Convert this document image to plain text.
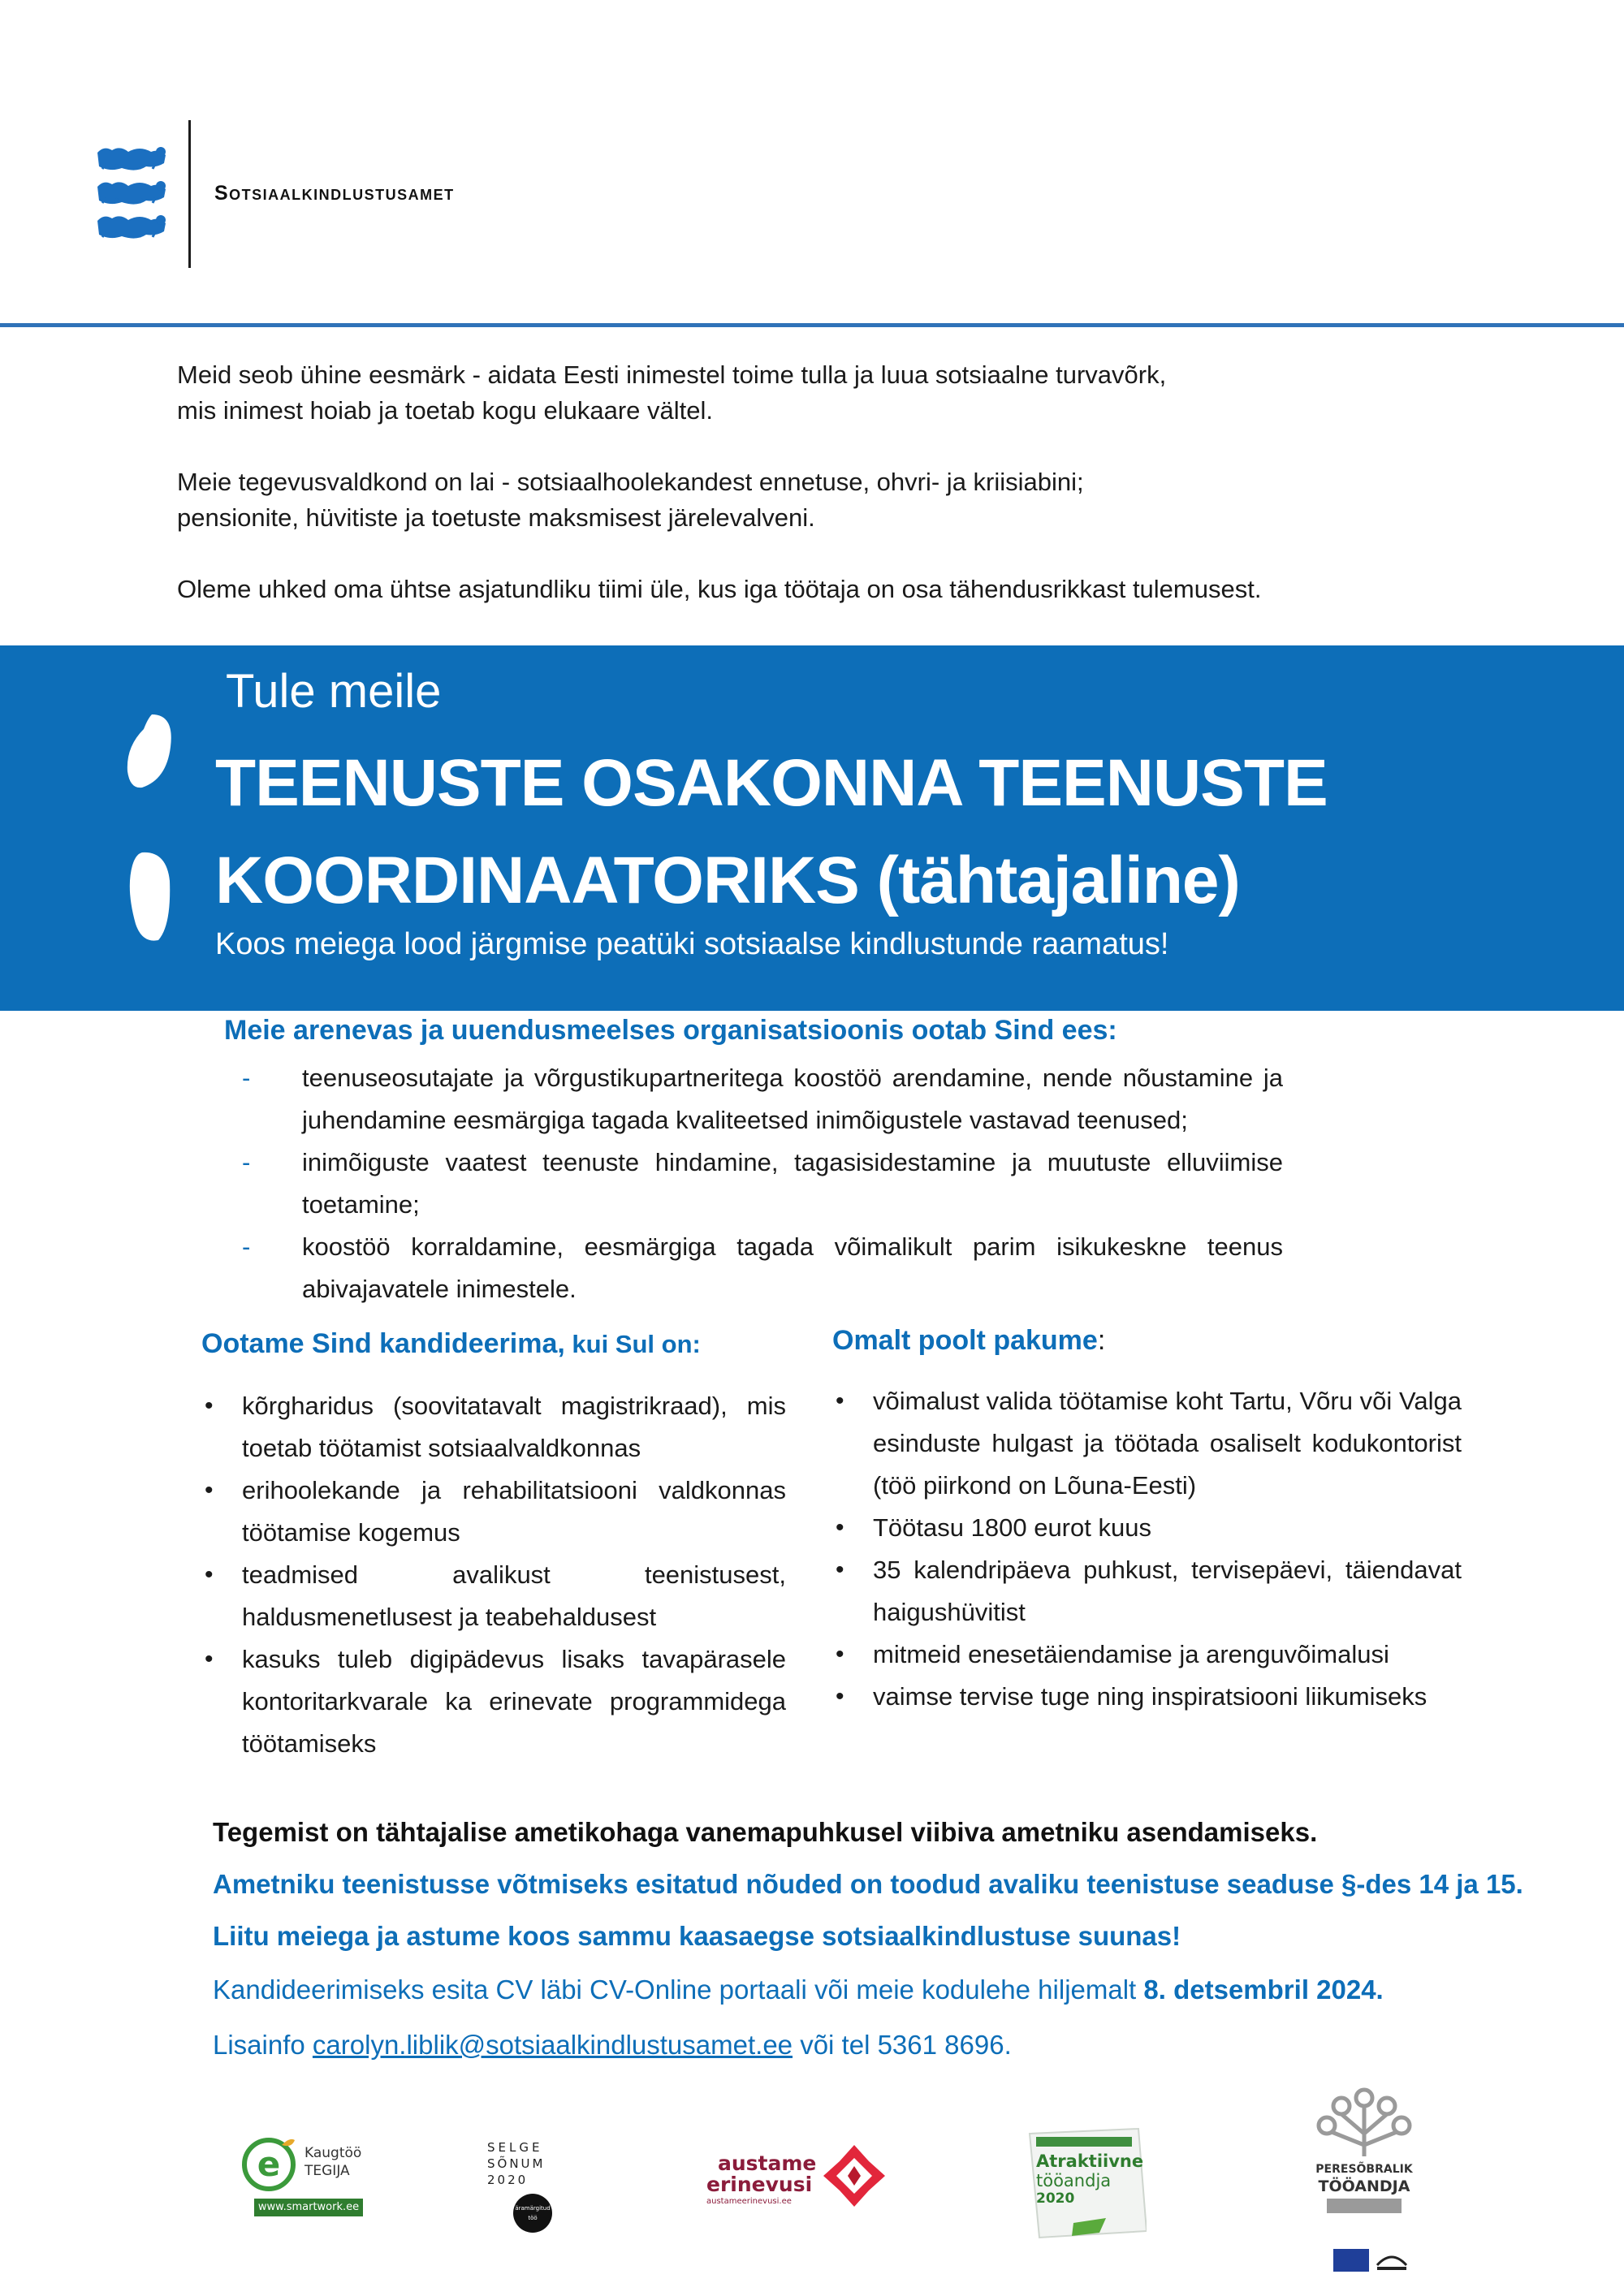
Sotsiaalkindlustusamet

Meid seob ühine eesmärk - aidata Eesti inimestel toime tulla ja luua sotsiaalne turvavõrk,
mis inimest hoiab ja toetab kogu elukaare vältel.

Meie tegevusvaldkond on lai - sotsiaalhoolekandest ennetuse, ohvri- ja kriisiabini;
pensionite, hüvitiste ja toetuste maksmisest järelevalveni.

Oleme uhked oma ühtse asjatundliku tiimi üle, kus iga töötaja on osa tähendusrikkast tulemusest.

Tule meile
TEENUSTE OSAKONNA TEENUSTE
KOORDINAATORIKS (tähtajaline)
Koos meiega lood järgmise peatüki sotsiaalse kindlustunde raamatus!
Meie arenevas ja uuendusmeelses organisatsioonis ootab Sind ees:
- teenuseosutajate ja võrgustikupartneritega koostöö arendamine, nende nõustamine ja juhendamine eesmärgiga tagada kvaliteetsed inimõigustele vastavad teenused;
- inimõiguste vaatest teenuste hindamine, tagasisidestamine ja muutuste elluviimise toetamine;
- koostöö korraldamine, eesmärgiga tagada võimalikult parim isikukeskne teenus abivajavatele inimestele.
Ootame Sind kandideerima, kui Sul on:
• kõrgharidus (soovitatavalt magistrikraad), mis toetab töötamist sotsiaalvaldkonnas
• erihoolekande ja rehabilitatsiooni valdkonnas töötamise kogemus
• teadmised avalikust teenistusest, haldusmenetlusest ja teabehaldusest
• kasuks tuleb digipädevus lisaks tavapärasele kontoritarkvarale ka erinevate programmidega töötamiseks
Omalt poolt pakume:
• võimalust valida töötamise koht Tartu, Võru või Valga esinduste hulgast ja töötada osaliselt kodukontorist (töö piirkond on Lõuna-Eesti)
• Töötasu 1800 eurot kuus
• 35 kalendripäeva puhkust, tervisepäevi, täiendavat haigushüvitist
• mitmeid enesetäiendamise ja arenguvõimalusi
• vaimse tervise tuge ning inspiratsiooni liikumiseks
Tegemist on tähtajalise ametikohaga vanemapuhkusel viibiva ametniku asendamiseks.
Ametniku teenistusse võtmiseks esitatud nõuded on toodud avaliku teenistuse seaduse §-des 14 ja 15.
Liitu meiega ja astume koos sammu kaasaegse sotsiaalkindlustuse suunas!
Kandideerimiseks esita CV läbi CV-Online portaali või meie kodulehe hiljemalt 8. detsembril 2024.
Lisainfo carolyn.liblik@sotsiaalkindlustusamet.ee või tel 5361 8696.
e Kaugtöö
TEGIJA
www.smartwork.ee
SELGE
SÕNUM
2020
äramärgitud
töö
austame
erinevusi
austameerinevusi.ee
Atraktiivne
tööandja
2020
PERESÕBRALIK
TÖÖANDJA
